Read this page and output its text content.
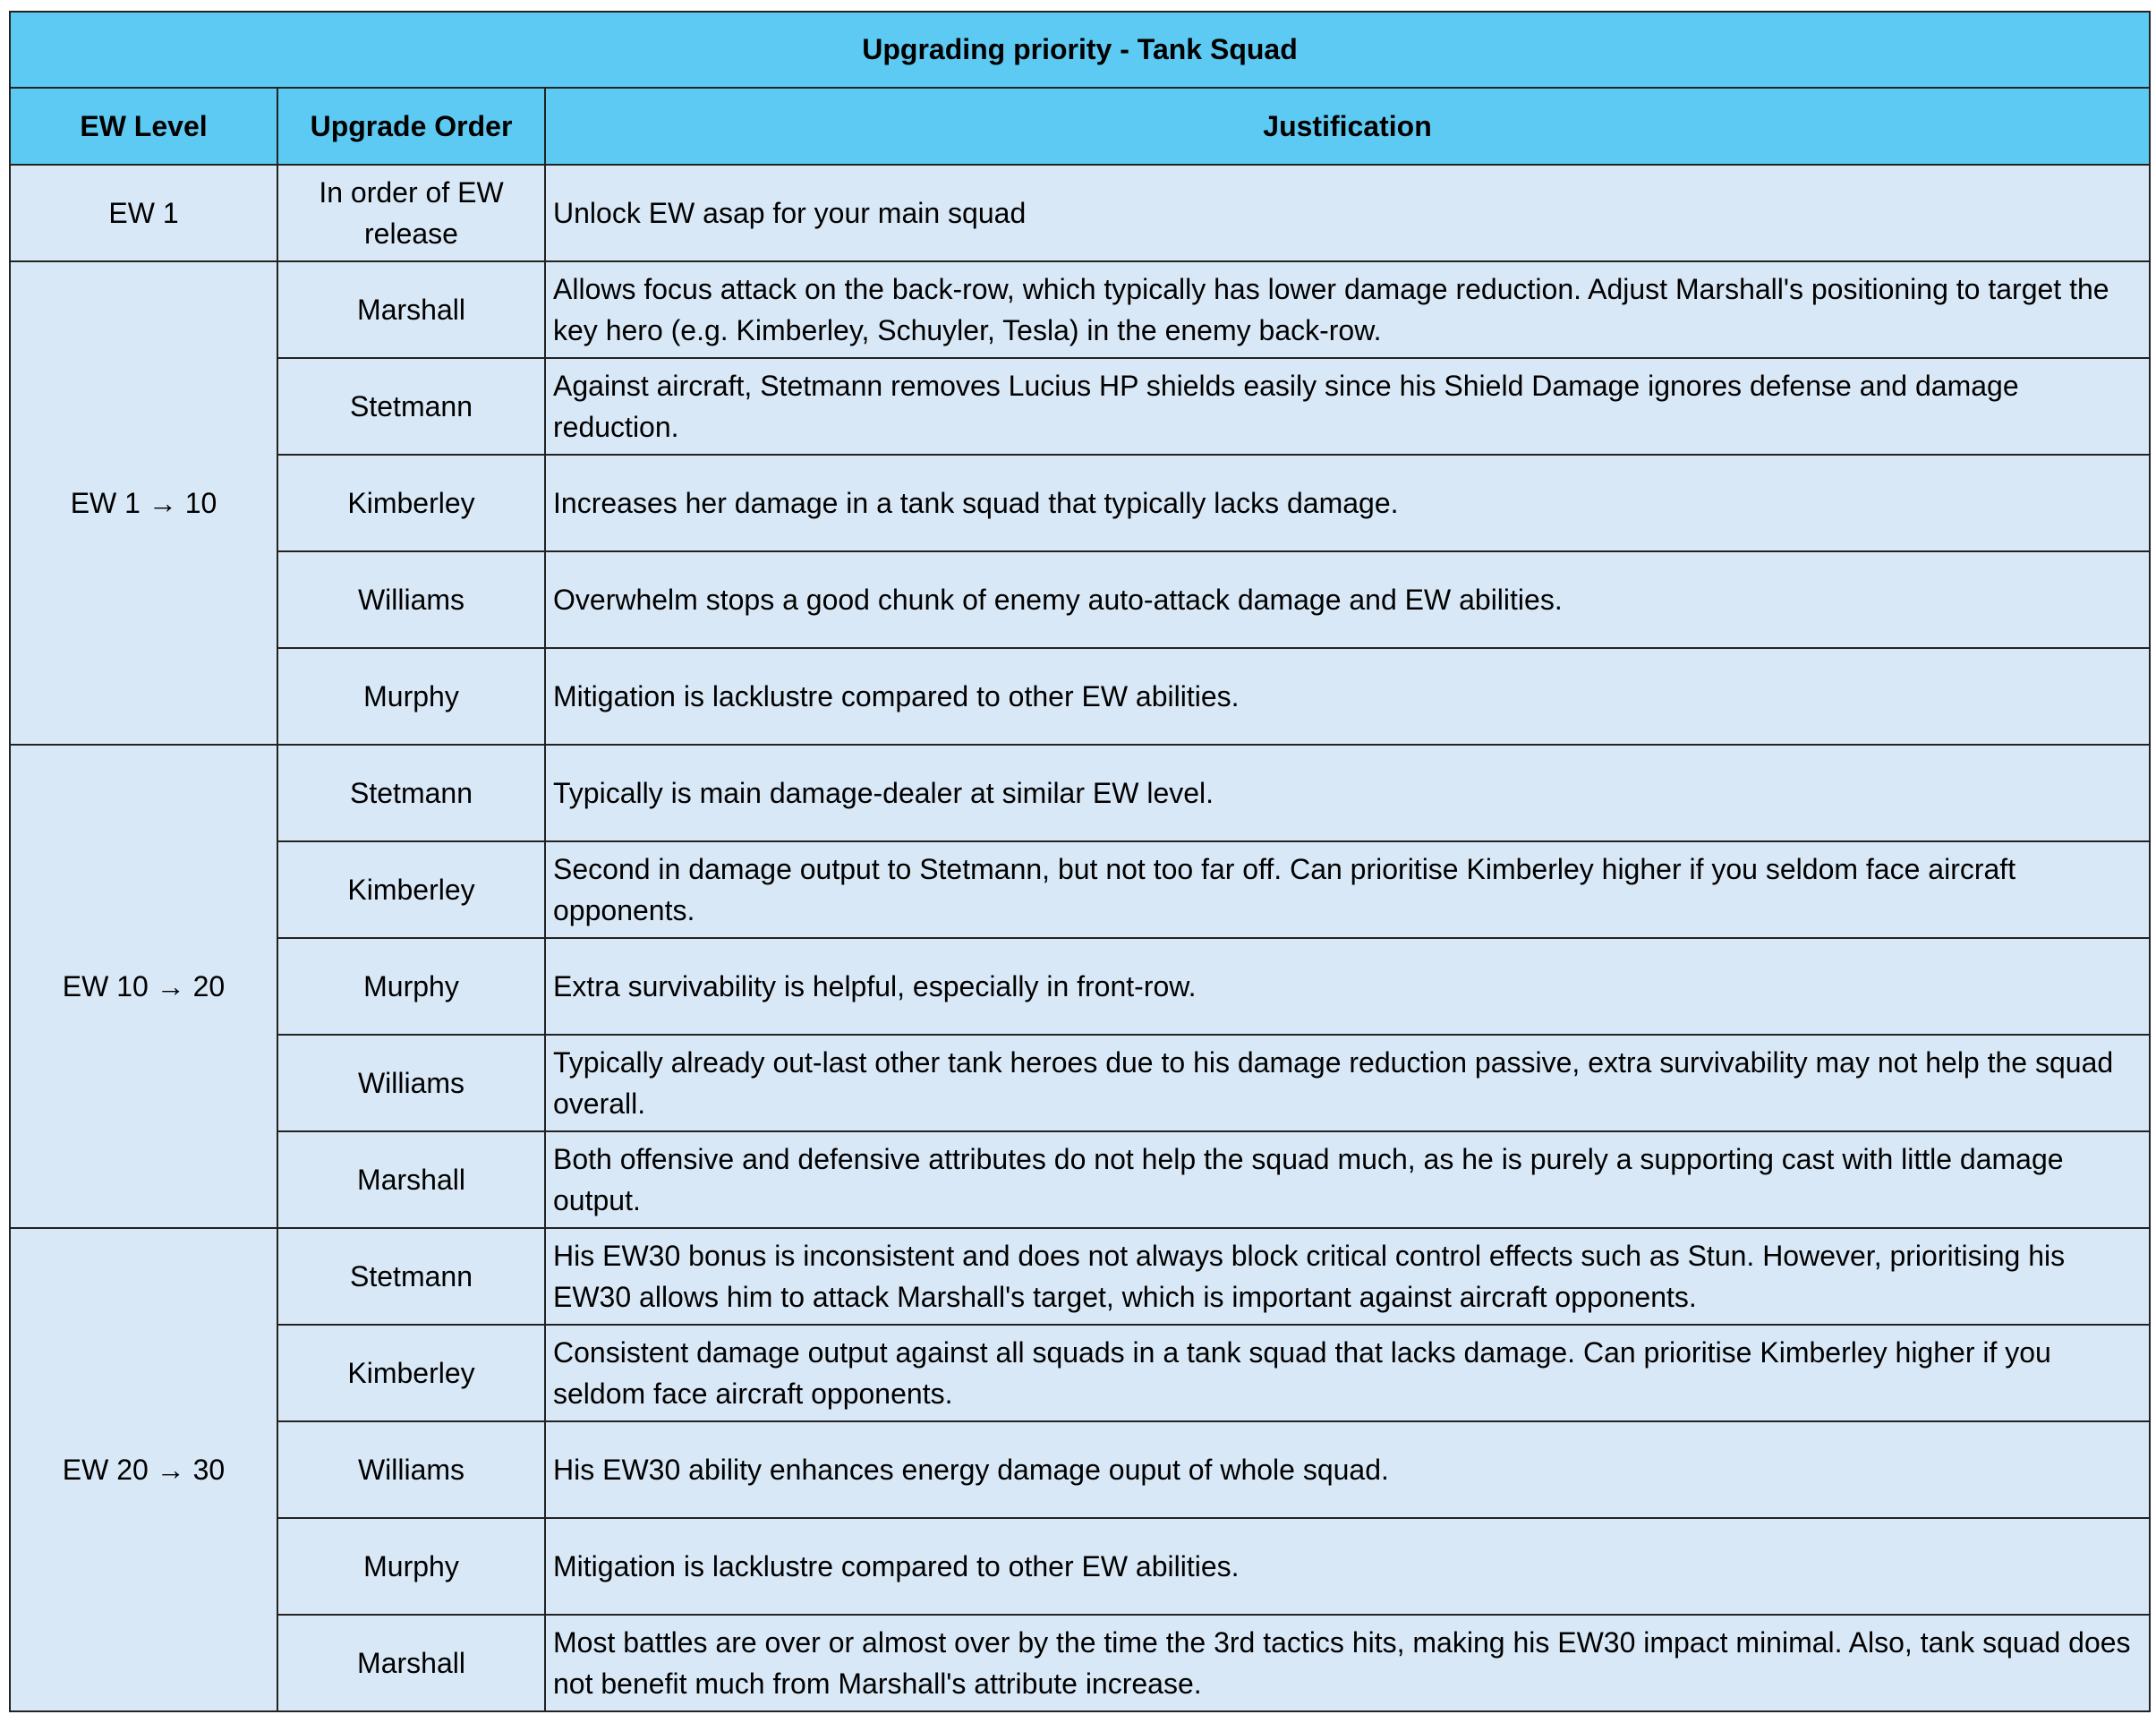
Upgrading priority - Tank Squad		
EW Level	Upgrade Order	Justification
EW 1	In order of EW release	Unlock EW asap for your main squad
EW 1 → 10	Marshall	Allows focus attack on the back-row, which typically has lower damage reduction. Adjust Marshall's positioning to target the key hero (e.g. Kimberley, Schuyler, Tesla) in the enemy back-row.
	Stetmann	Against aircraft, Stetmann removes Lucius HP shields easily since his Shield Damage ignores defense and damage reduction.
	Kimberley	Increases her damage in a tank squad that typically lacks damage.
	Williams	Overwhelm stops a good chunk of enemy auto-attack damage and EW abilities.
	Murphy	Mitigation is lacklustre compared to other EW abilities.
EW 10 → 20	Stetmann	Typically is main damage-dealer at similar EW level.
	Kimberley	Second in damage output to Stetmann, but not too far off. Can prioritise Kimberley higher if you seldom face aircraft opponents.
	Murphy	Extra survivability is helpful, especially in front-row.
	Williams	Typically already out-last other tank heroes due to his damage reduction passive, extra survivability may not help the squad overall.
	Marshall	Both offensive and defensive attributes do not help the squad much, as he is purely a supporting cast with little damage output.
EW 20 → 30	Stetmann	His EW30 bonus is inconsistent and does not always block critical control effects such as Stun. However, prioritising his EW30 allows him to attack Marshall's target, which is important against aircraft opponents.
	Kimberley	Consistent damage output against all squads in a tank squad that lacks damage. Can prioritise Kimberley higher if you seldom face aircraft opponents.
	Williams	His EW30 ability enhances energy damage ouput of whole squad.
	Murphy	Mitigation is lacklustre compared to other EW abilities.
	Marshall	Most battles are over or almost over by the time the 3rd tactics hits, making his EW30 impact minimal. Also, tank squad does not benefit much from Marshall's attribute increase.
